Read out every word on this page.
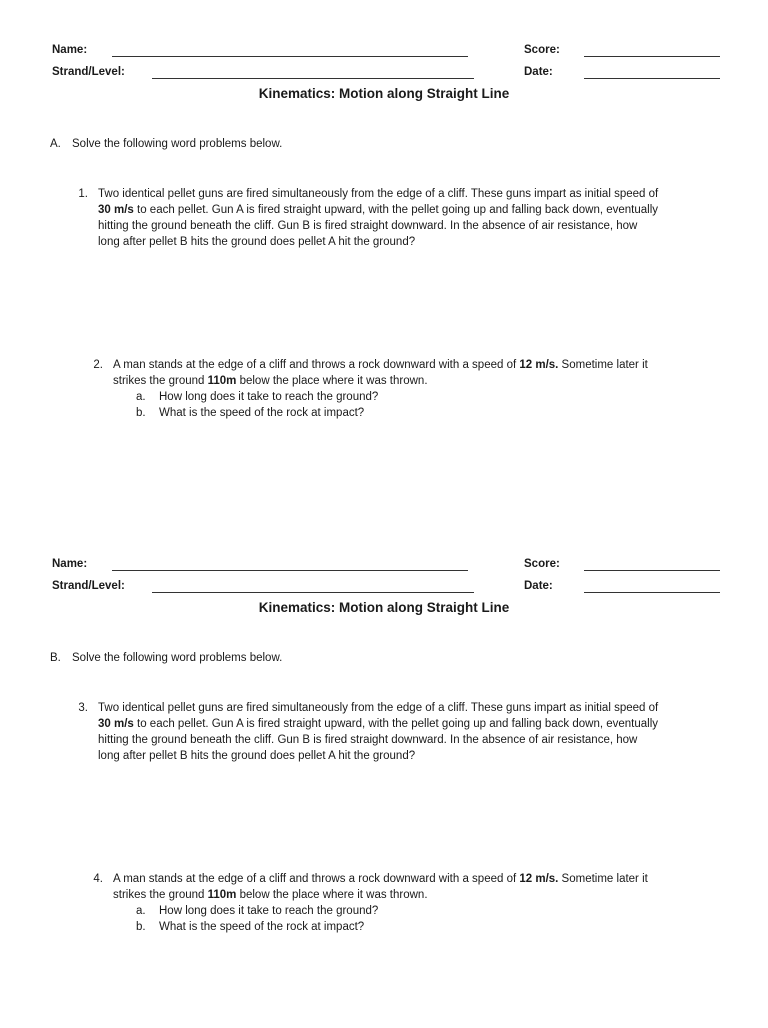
Name:	Score:
Strand/Level:	Date:
Kinematics: Motion along Straight Line
A. Solve the following word problems below.
1. Two identical pellet guns are fired simultaneously from the edge of a cliff. These guns impart as initial speed of

30 m/s to each pellet. Gun A is fired straight upward, with the pellet going up and falling back down, eventually

hitting the ground beneath the cliff. Gun B is fired straight downward. In the absence of air resistance, how

long after pellet B hits the ground does pellet A hit the ground?

2. A man stands at the edge of a cliff and throws a rock downward with a speed of 12 m/s. Sometime later it

strikes the ground 110m below the place where it was thrown.

a. How long does it take to reach the ground?
b. What is the speed of the rock at impact?
Name:	Score:
Strand/Level:	Date:
Kinematics: Motion along Straight Line
B. Solve the following word problems below.
3. Two identical pellet guns are fired simultaneously from the edge of a cliff. These guns impart as initial speed of

30 m/s to each pellet. Gun A is fired straight upward, with the pellet going up and falling back down, eventually

hitting the ground beneath the cliff. Gun B is fired straight downward. In the absence of air resistance, how

long after pellet B hits the ground does pellet A hit the ground?

4. A man stands at the edge of a cliff and throws a rock downward with a speed of 12 m/s. Sometime later it

strikes the ground 110m below the place where it was thrown.

a. How long does it take to reach the ground?
b. What is the speed of the rock at impact?
